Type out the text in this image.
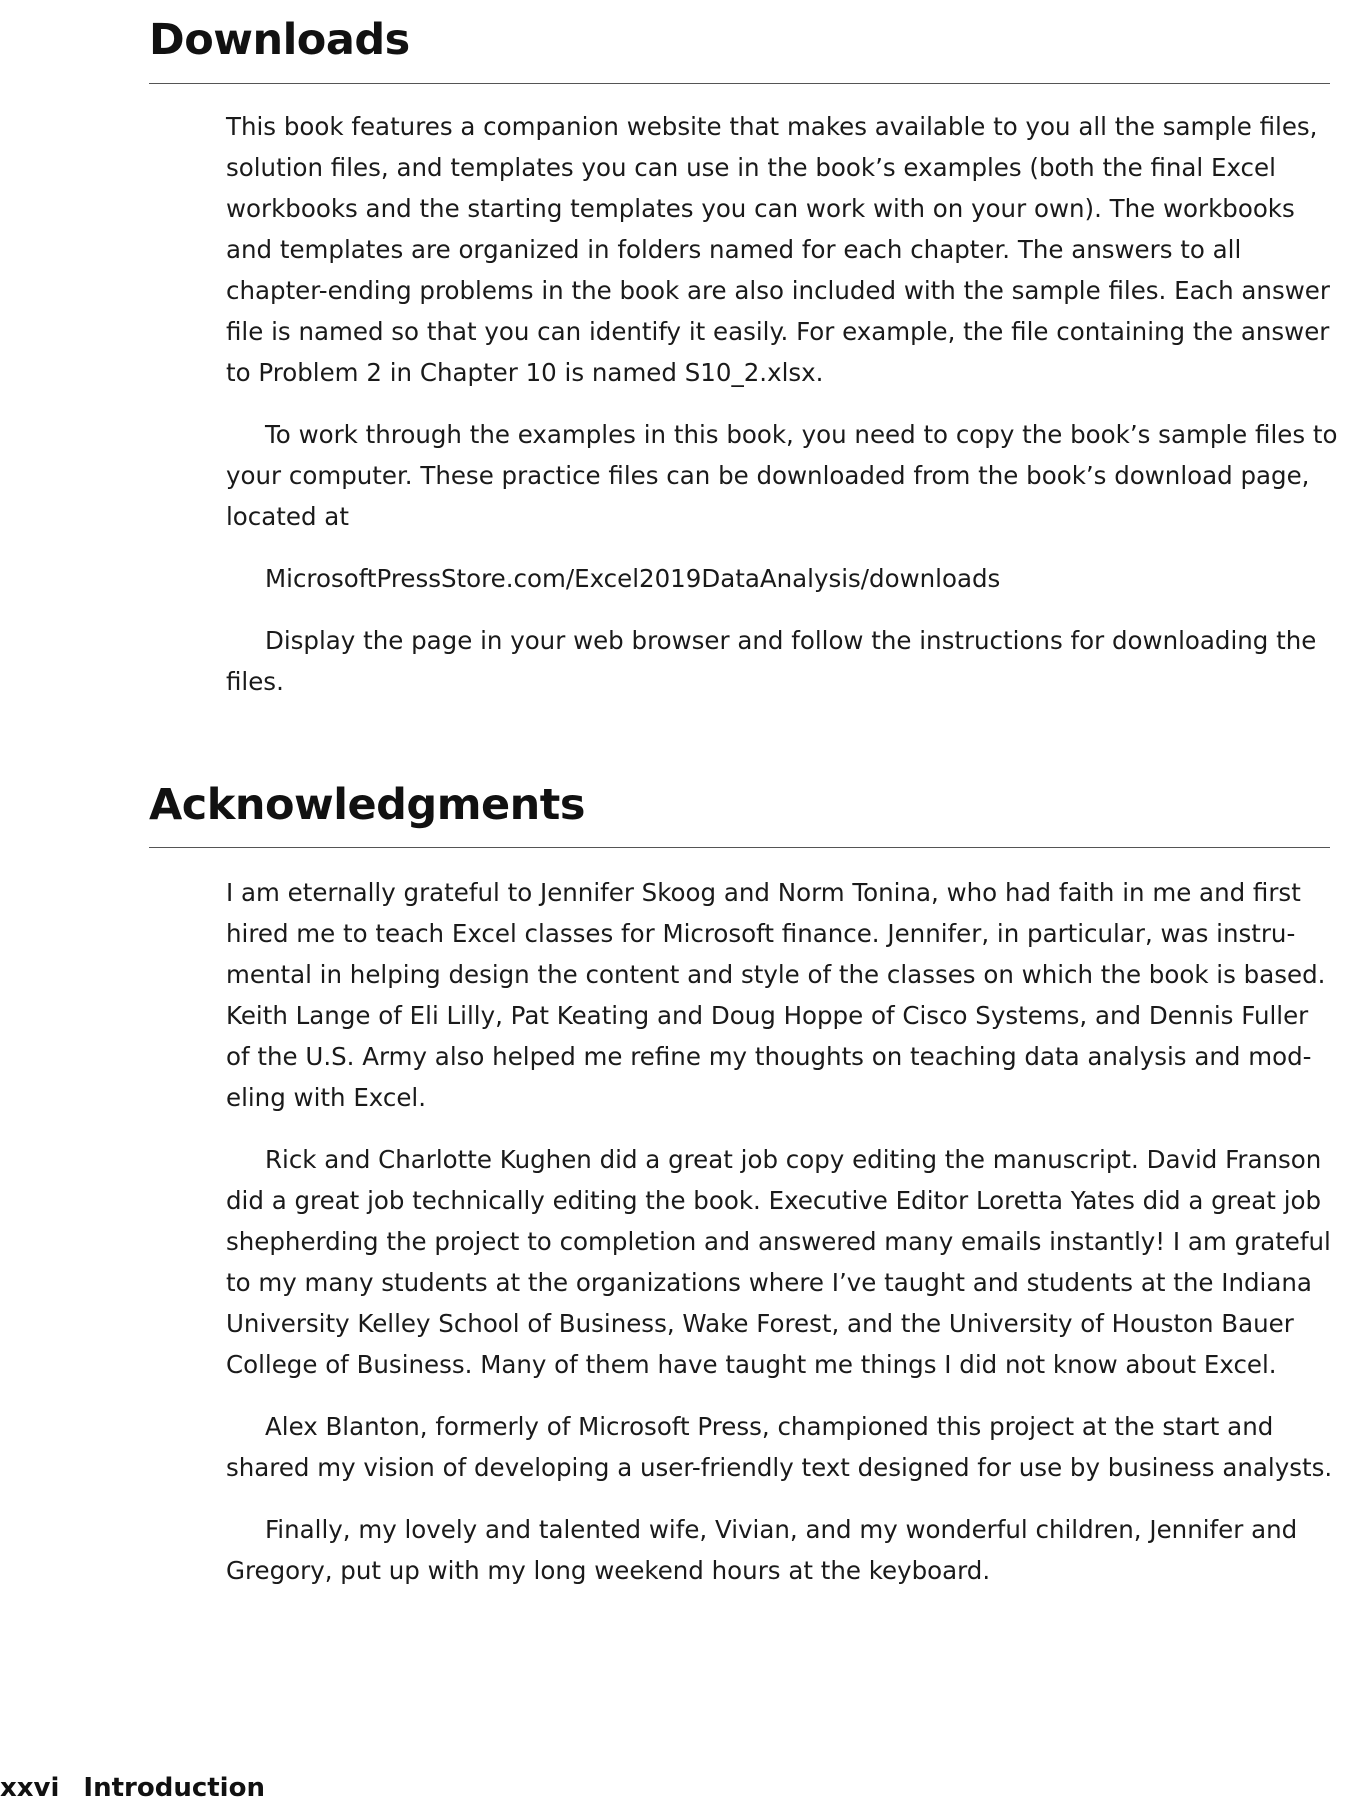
Downloads

This book features a companion website that makes available to you all the sample files, solution files, and templates you can use in the book’s examples (both the final Excel workbooks and the starting templates you can work with on your own). The workbooks and templates are organized in folders named for each chapter. The answers to all chapter-ending problems in the book are also included with the sample files. Each answer file is named so that you can identify it easily. For example, the file containing the answer to Problem 2 in Chapter 10 is named S10_2.xlsx.

To work through the examples in this book, you need to copy the book’s sample files to your computer. These practice files can be downloaded from the book’s download page, located at

MicrosoftPressStore.com/Excel2019DataAnalysis/downloads

Display the page in your web browser and follow the instructions for downloading the files.

Acknowledgments

I am eternally grateful to Jennifer Skoog and Norm Tonina, who had faith in me and first hired me to teach Excel classes for Microsoft finance. Jennifer, in particular, was instru-mental in helping design the content and style of the classes on which the book is based. Keith Lange of Eli Lilly, Pat Keating and Doug Hoppe of Cisco Systems, and Dennis Fuller of the U.S. Army also helped me refine my thoughts on teaching data analysis and mod-eling with Excel.

Rick and Charlotte Kughen did a great job copy editing the manuscript. David Franson did a great job technically editing the book. Executive Editor Loretta Yates did a great job shepherding the project to completion and answered many emails instantly! I am grateful to my many students at the organizations where I’ve taught and students at the Indiana University Kelley School of Business, Wake Forest, and the University of Houston Bauer College of Business. Many of them have taught me things I did not know about Excel.

Alex Blanton, formerly of Microsoft Press, championed this project at the start and shared my vision of developing a user-friendly text designed for use by business analysts.

Finally, my lovely and talented wife, Vivian, and my wonderful children, Jennifer and Gregory, put up with my long weekend hours at the keyboard.

xxvi Introduction
